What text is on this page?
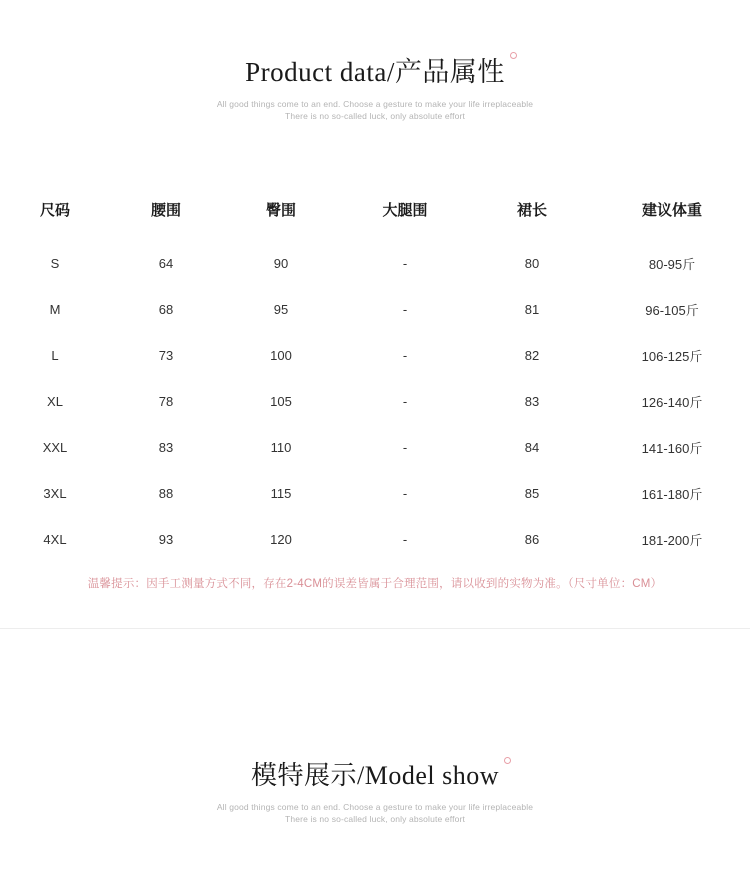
Product data/产品属性
All good things come to an end. Choose a gesture to make your life irreplaceable
There is no so-called luck, only absolute effort
尺码	腰围	臀围	大腿围	裙长	建议体重
S	64	90	-	80	80-95斤
M	68	95	-	81	96-105斤
L	73	100	-	82	106-125斤
XL	78	105	-	83	126-140斤
XXL	83	110	-	84	141-160斤
3XL	88	115	-	85	161-180斤
4XL	93	120	-	86	181-200斤
温馨提示：因手工测量方式不同，存在2-4CM的误差皆属于合理范围，请以收到的实物为准。（尺寸单位：CM）
模特展示/Model show
All good things come to an end. Choose a gesture to make your life irreplaceable
There is no so-called luck, only absolute effort
